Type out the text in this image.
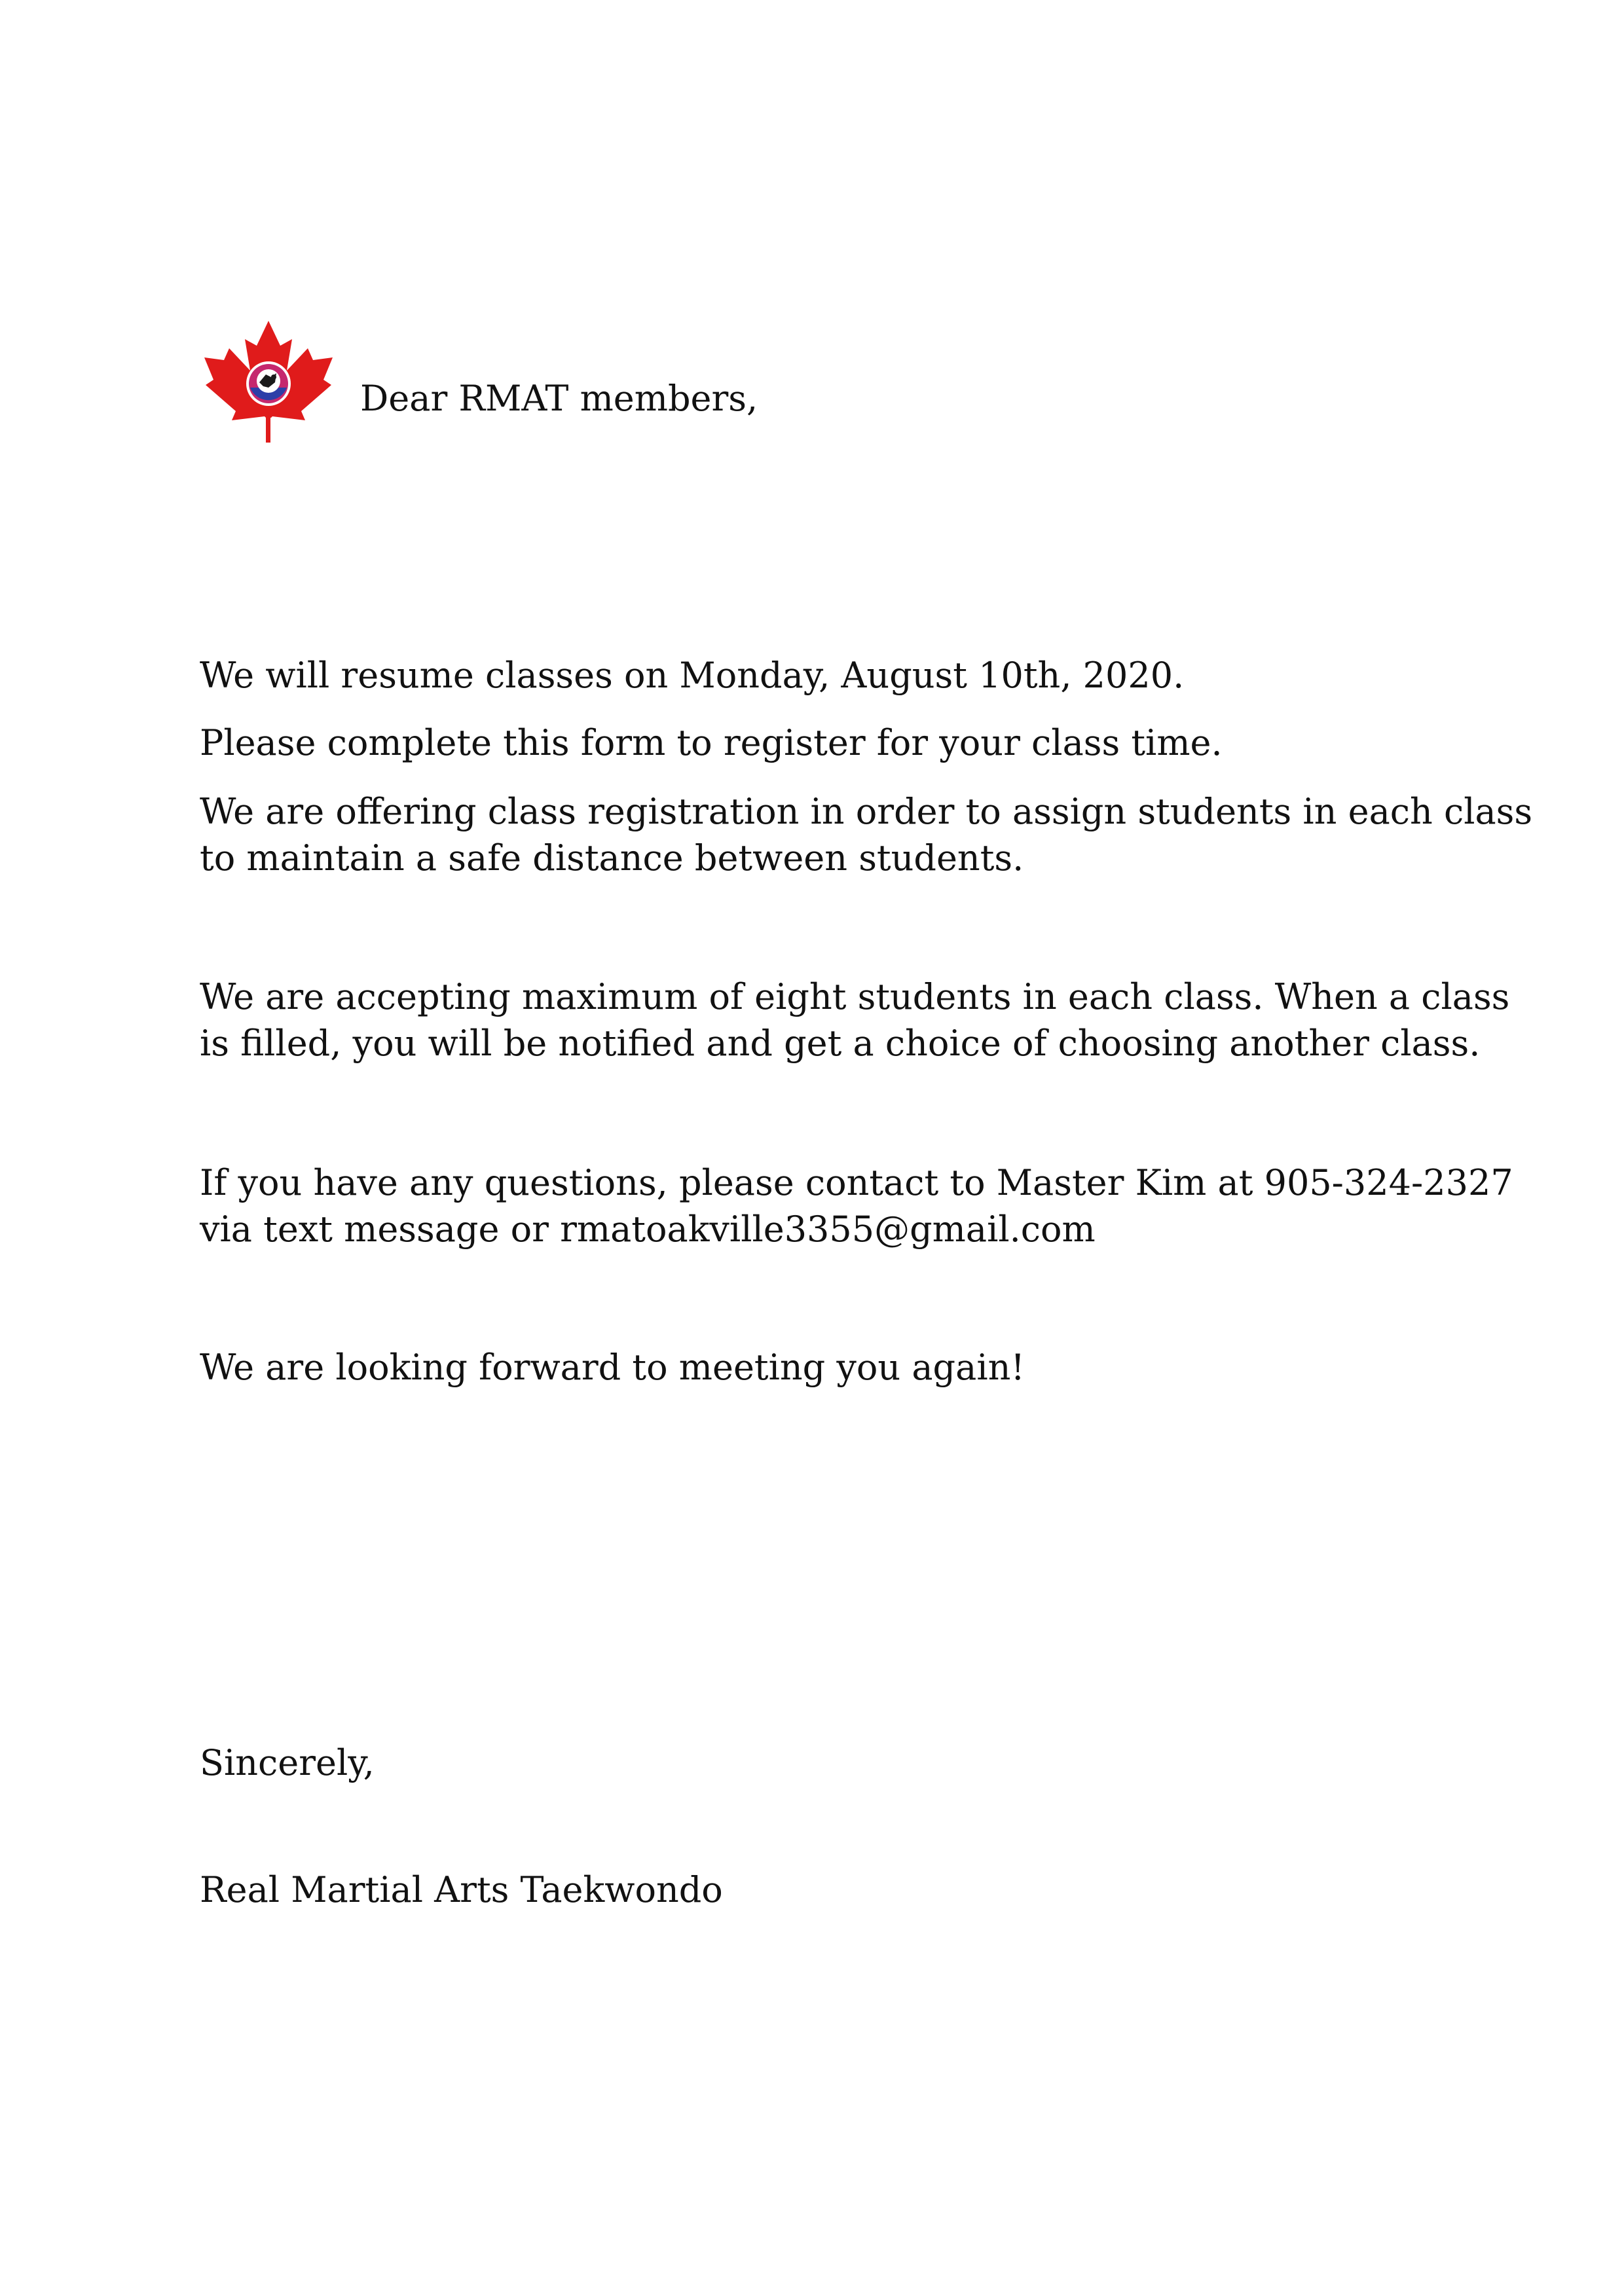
Dear RMAT members,

We will resume classes on Monday, August 10th, 2020.

Please complete this form to register for your class time.

We are offering class registration in order to assign students in each class

to maintain a safe distance between students.

We are accepting maximum of eight students in each class. When a class

is filled, you will be notified and get a choice of choosing another class.

If you have any questions, please contact to Master Kim at 905-324-2327

via text message or rmatoakville3355@gmail.com

We are looking forward to meeting you again!

Sincerely,

Real Martial Arts Taekwondo
